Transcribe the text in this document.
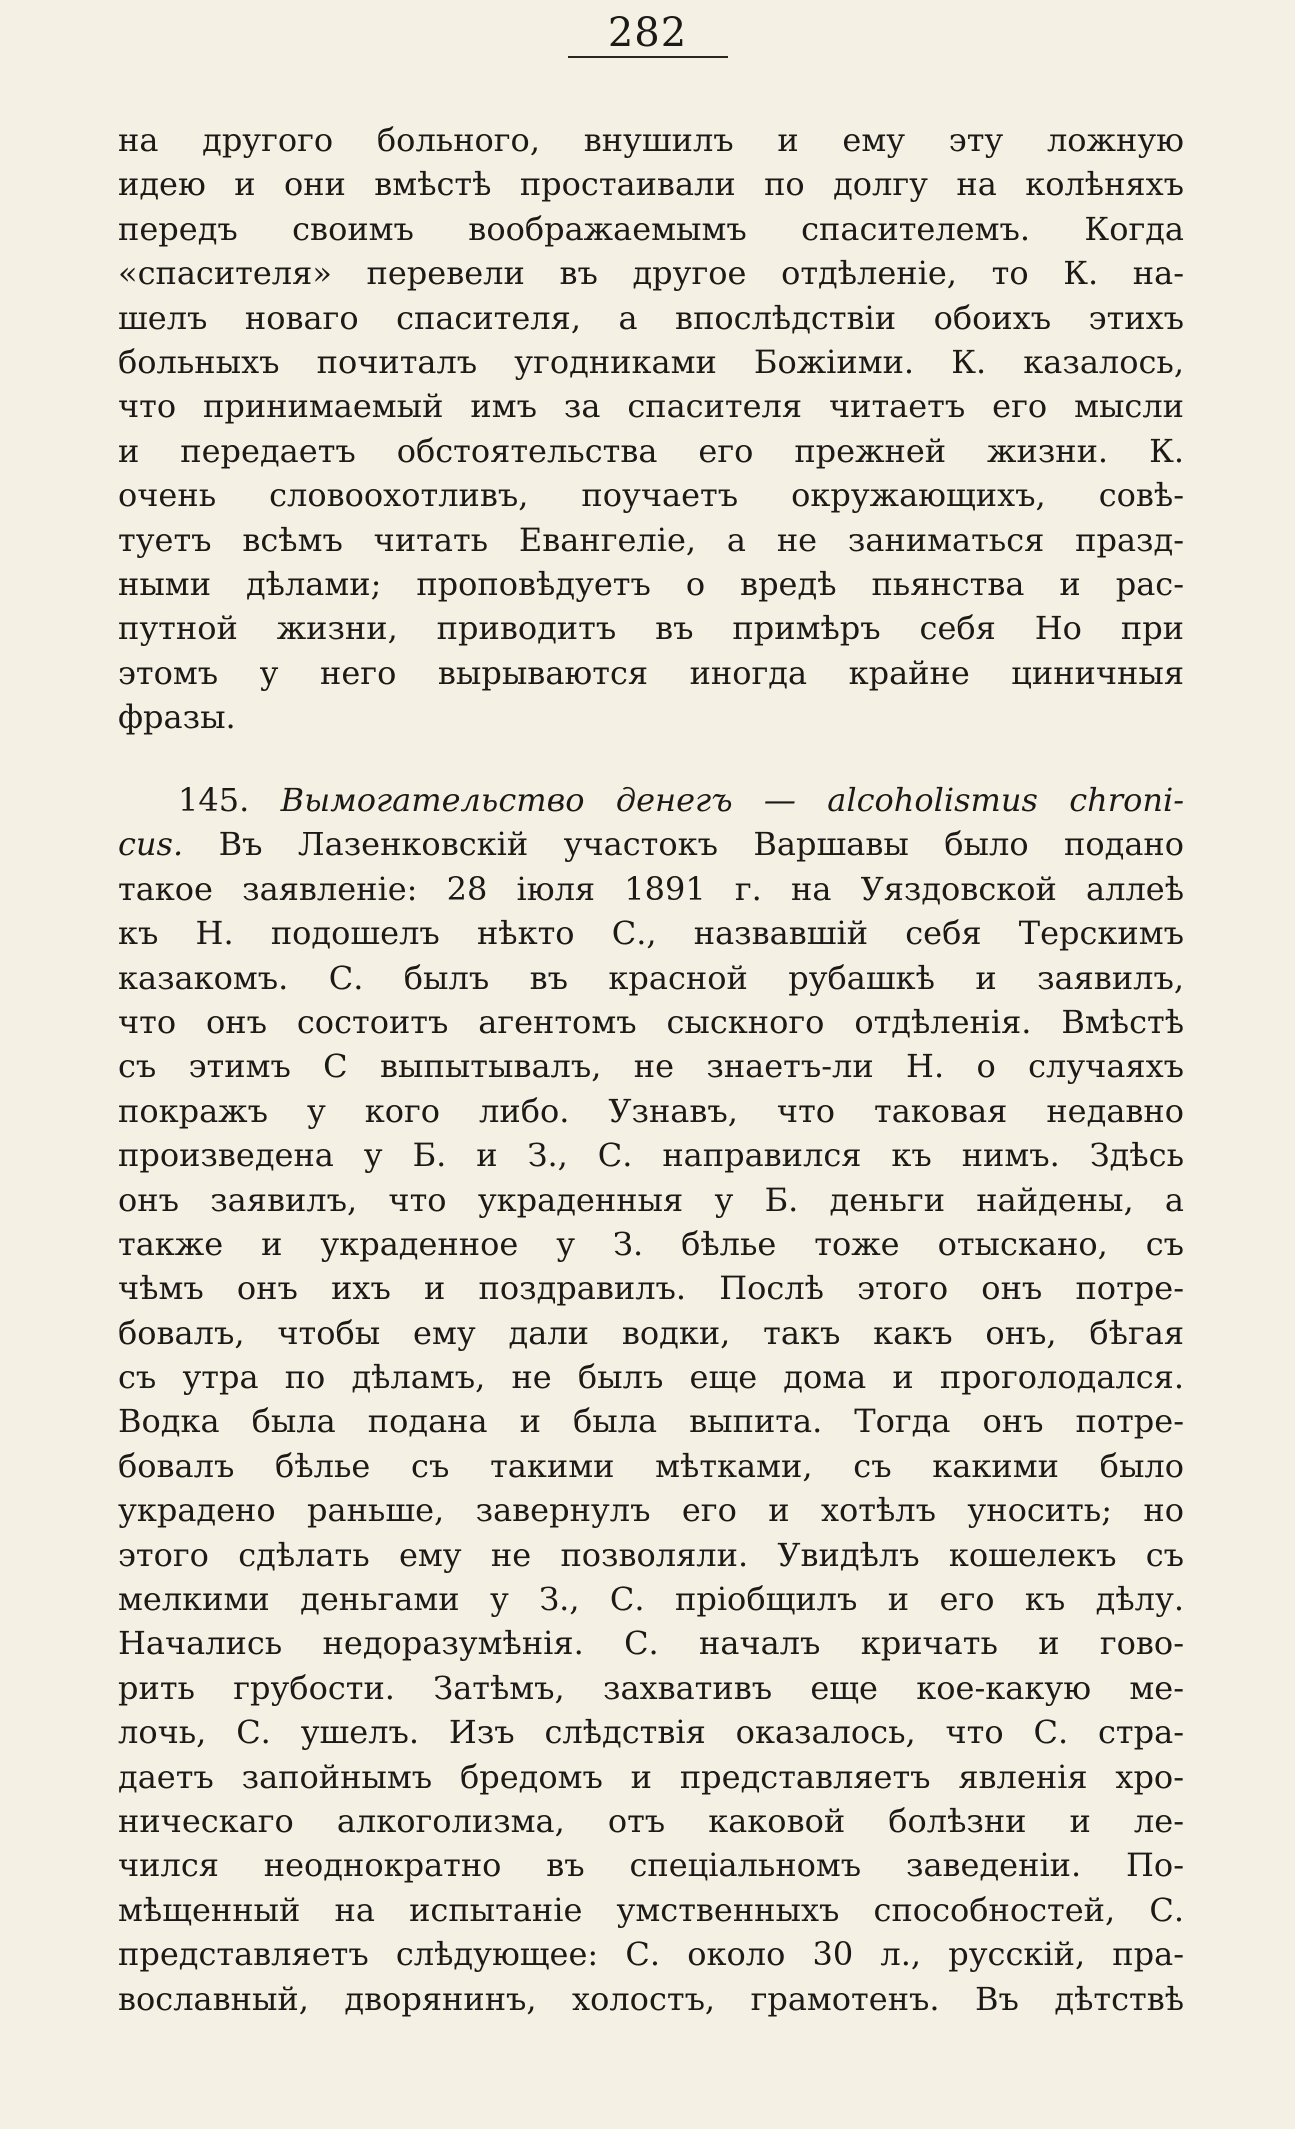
282
на другого больного, внушилъ и ему эту ложную
идею и они вмѣстѣ простаивали по долгу на колѣняхъ
передъ своимъ воображаемымъ спасителемъ. Когда
«спасителя» перевели въ другое отдѣленіе, то К. на-
шелъ новаго спасителя, а впослѣдствіи обоихъ этихъ
больныхъ почиталъ угодниками Божіими. К. казалось,
что принимаемый имъ за спасителя читаетъ его мысли
и передаетъ обстоятельства его прежней жизни. К.
очень словоохотливъ, поучаетъ окружающихъ, совѣ-
туетъ всѣмъ читать Евангеліе, а не заниматься празд-
ными дѣлами; проповѣдуетъ о вредѣ пьянства и рас-
путной жизни, приводитъ въ примѣръ себя Но при
этомъ у него вырываются иногда крайне циничныя
фразы.
145. Вымогательство денегъ — alcoholismus chroni-
cus. Въ Лазенковскій участокъ Варшавы было подано
такое заявленіе: 28 іюля 1891 г. на Уяздовской аллеѣ
къ Н. подошелъ нѣкто С., назвавшій себя Терскимъ
казакомъ. С. былъ въ красной рубашкѣ и заявилъ,
что онъ состоитъ агентомъ сыскного отдѣленія. Вмѣстѣ
съ этимъ С выпытывалъ, не знаетъ-ли Н. о случаяхъ
покражъ у кого либо. Узнавъ, что таковая недавно
произведена у Б. и З., С. направился къ нимъ. Здѣсь
онъ заявилъ, что украденныя у Б. деньги найдены, а
также и украденное у З. бѣлье тоже отыскано, съ
чѣмъ онъ ихъ и поздравилъ. Послѣ этого онъ потре-
бовалъ, чтобы ему дали водки, такъ какъ онъ, бѣгая
съ утра по дѣламъ, не былъ еще дома и проголодался.
Водка была подана и была выпита. Тогда онъ потре-
бовалъ бѣлье съ такими мѣтками, съ какими было
украдено раньше, завернулъ его и хотѣлъ уносить; но
этого сдѣлать ему не позволяли. Увидѣлъ кошелекъ съ
мелкими деньгами у З., С. пріобщилъ и его къ дѣлу.
Начались недоразумѣнія. С. началъ кричать и гово-
рить грубости. Затѣмъ, захвативъ еще кое-какую ме-
лочь, С. ушелъ. Изъ слѣдствія оказалось, что С. стра-
даетъ запойнымъ бредомъ и представляетъ явленія хро-
ническаго алкоголизма, отъ каковой болѣзни и ле-
чился неоднократно въ спеціальномъ заведеніи. По-
мѣщенный на испытаніе умственныхъ способностей, С.
представляетъ слѣдующее: С. около 30 л., русскій, пра-
вославный, дворянинъ, холостъ, грамотенъ. Въ дѣтствѣ
